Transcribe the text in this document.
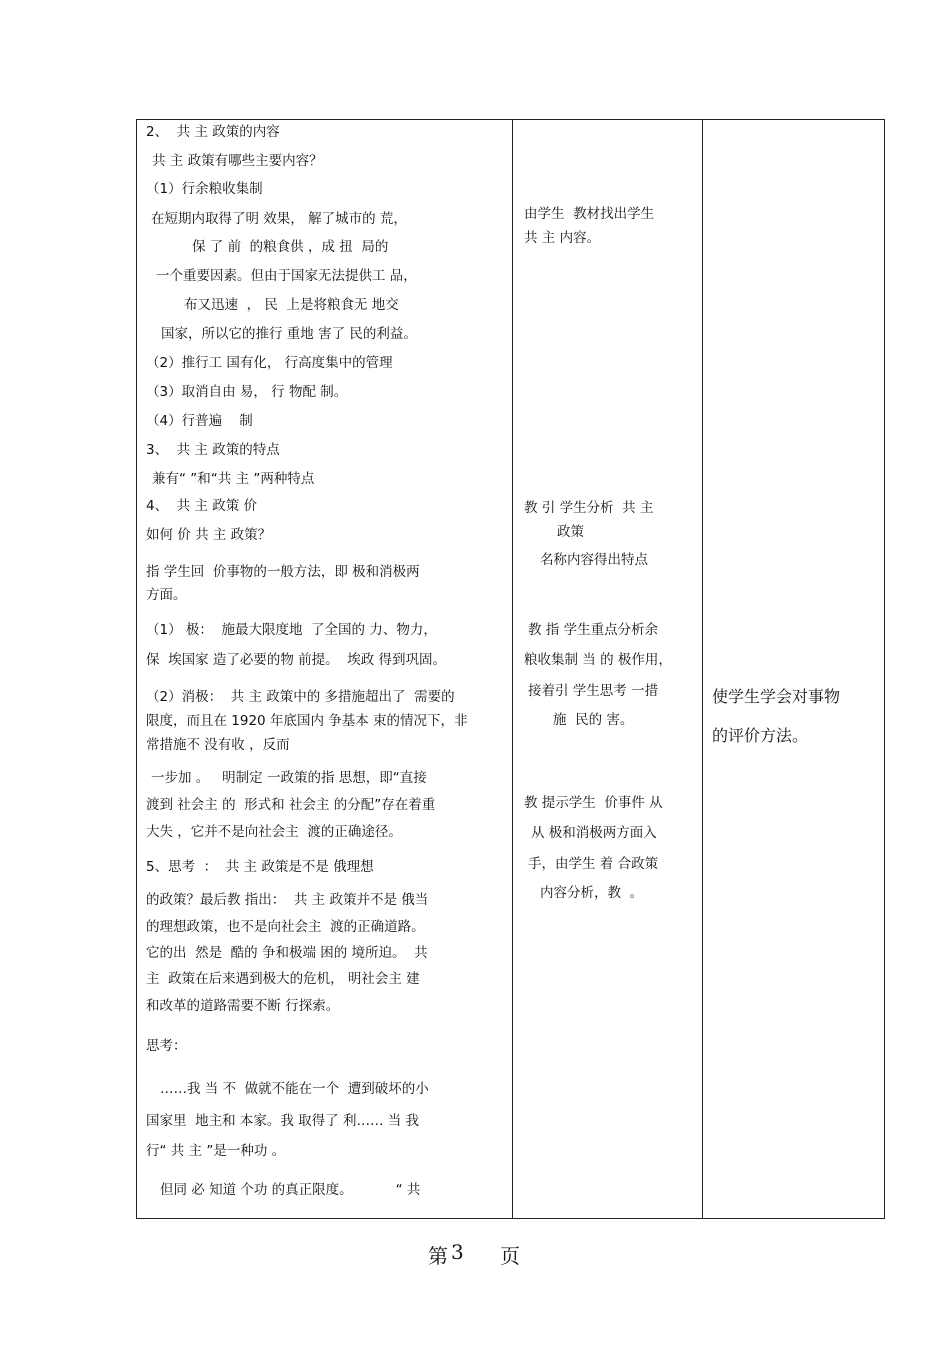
2、  共 主 政策的内容
共 主 政策有哪些主要内容？
（1）行余粮收集制
在短期内取得了明 效果， 解了城市的 荒，
保 了 前  的粮食供 ，成 扭  局的
一个重要因素。但由于国家无法提供工 品，
布又迅速  ， 民  上是将粮食无 地交
国家，所以它的推行 重地 害了 民的利益。
（2）推行工 国有化， 行高度集中的管理
（3）取消自由 易， 行 物配 制。
（4）行普遍    制
3、  共 主 政策的特点
兼有“ ”和“共 主 ”两种特点
4、  共 主 政策 价
如何 价 共 主 政策？
指 学生回  价事物的一般方法，即 极和消极两
方面。
（1） 极：  施最大限度地  了全国的 力、物力，
保  埃国家 造了必要的物 前提。  埃政 得到巩固。
（2）消极：  共 主 政策中的 多措施超出了  需要的
限度，而且在 1920 年底国内 争基本 束的情况下，非
常措施不 没有收 ，反而
一步加 。   明制定 一政策的指 思想，即“直接
渡到 社会主 的  形式和 社会主 的分配”存在着重
大失 ，它并不是向社会主  渡的正确途径。
5、思考  ：  共 主 政策是不是 俄理想
的政策？最后教 指出：  共 主 政策并不是 俄当
的理想政策，也不是向社会主  渡的正确道路。
它的出  然是  酷的 争和极端 困的 境所迫。  共
主  政策在后来遇到极大的危机， 明社会主 建
和改革的道路需要不断 行探索。
思考：
……我 当 不  做就不能在一个  遭到破坏的小
国家里  地主和 本家。我 取得了 利…… 当 我
行“ 共 主 ”是一种功 。
但同 必 知道 个功 的真正限度。          “ 共
由学生  教材找出学生
共 主 内容。
教 引 学生分析  共 主
政策
名称内容得出特点
教 指 学生重点分析余
粮收集制 当 的 极作用，
接着引 学生思考 一措
施  民的 害。
教 提示学生  价事件 从
从 极和消极两方面入
手，由学生 着 合政策
内容分析，教  。
使学生学会对事物
的评价方法。
第 3 页
